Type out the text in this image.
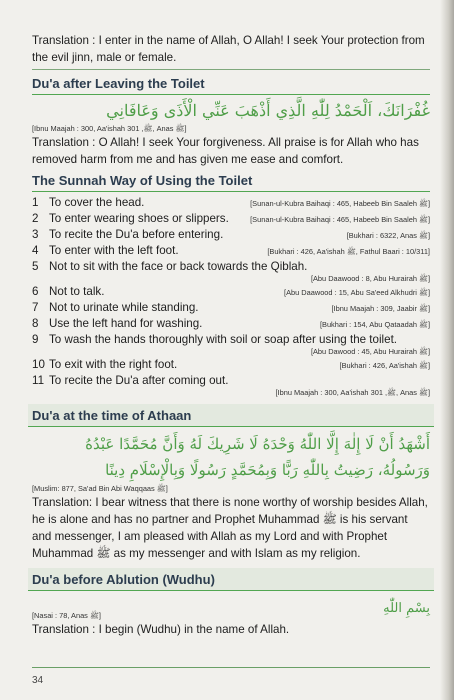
Translation : I enter in the name of Allah, O Allah! I seek Your protection from the evil jinn, male or female.

Du'a after Leaving the Toilet
غُفْرَانَكَ، اَلْحَمْدُ لِلّٰهِ الَّذِي أَذْهَبَ عَنِّي الْأَذَى وَعَافَانِي
[Ibnu Maajah : 300, Aa'ishah ﷺ, 301, Anas ﷺ]

Translation : O Allah! I seek Your forgiveness. All praise is for Allah who has removed harm from me and has given me ease and comfort.

The Sunnah Way of Using the Toilet
1 To cover the head.	[Sunan-ul-Kubra Baihaqi : 465, Habeeb Bin Saaleh ﷺ]
2 To enter wearing shoes or slippers.	[Sunan-ul-Kubra Baihaqi : 465, Habeeb Bin Saaleh ﷺ]
3 To recite the Du'a before entering.	[Bukhari : 6322, Anas ﷺ]
4 To enter with the left foot.	[Bukhari : 426, Aa'ishah ﷺ, Fathul Baari : 10/311]
5 Not to sit with the face or back towards the Qiblah.
[Abu Daawood : 8, Abu Hurairah ﷺ]
6 Not to talk.	[Abu Daawood : 15, Abu Sa'eed Alkhudri ﷺ]
7 Not to urinate while standing.	[Ibnu Maajah : 309, Jaabir ﷺ]
8 Use the left hand for washing.	[Bukhari : 154, Abu Qataadah ﷺ]
9 To wash the hands thoroughly with soil or soap after using the toilet.
[Abu Dawood : 45, Abu Hurairah ﷺ]
10 To exit with the right foot.	[Bukhari : 426, Aa'ishah ﷺ]
11 To recite the Du'a after coming out.
[Ibnu Maajah : 300, Aa'ishah ﷺ, 301, Anas ﷺ]
Du'a at the time of Athaan
أَشْهَدُ أَنْ لَا إِلٰهَ إِلَّا اللّٰهُ وَحْدَهُ لَا شَرِيكَ لَهُ وَأَنَّ مُحَمَّدًا عَبْدُهُ وَرَسُولُهُ، رَضِيتُ بِاللّٰهِ رَبًّا وَبِمُحَمَّدٍ رَسُولًا وَبِالْإِسْلَامِ دِينًا
[Muslim: 877, Sa'ad Bin Abi Waqqaas ﷺ]

Translation: I bear witness that there is none worthy of worship besides Allah, he is alone and has no partner and Prophet Muhammad ﷺ is his servant and messenger, I am pleased with Allah as my Lord and with Prophet Muhammad ﷺ as my messenger and with Islam as my religion.

Du'a before Ablution (Wudhu)
[Nasai : 78, Anas ﷺ]	بِسْمِ اللّٰهِ

Translation : I begin (Wudhu) in the name of Allah.

34
